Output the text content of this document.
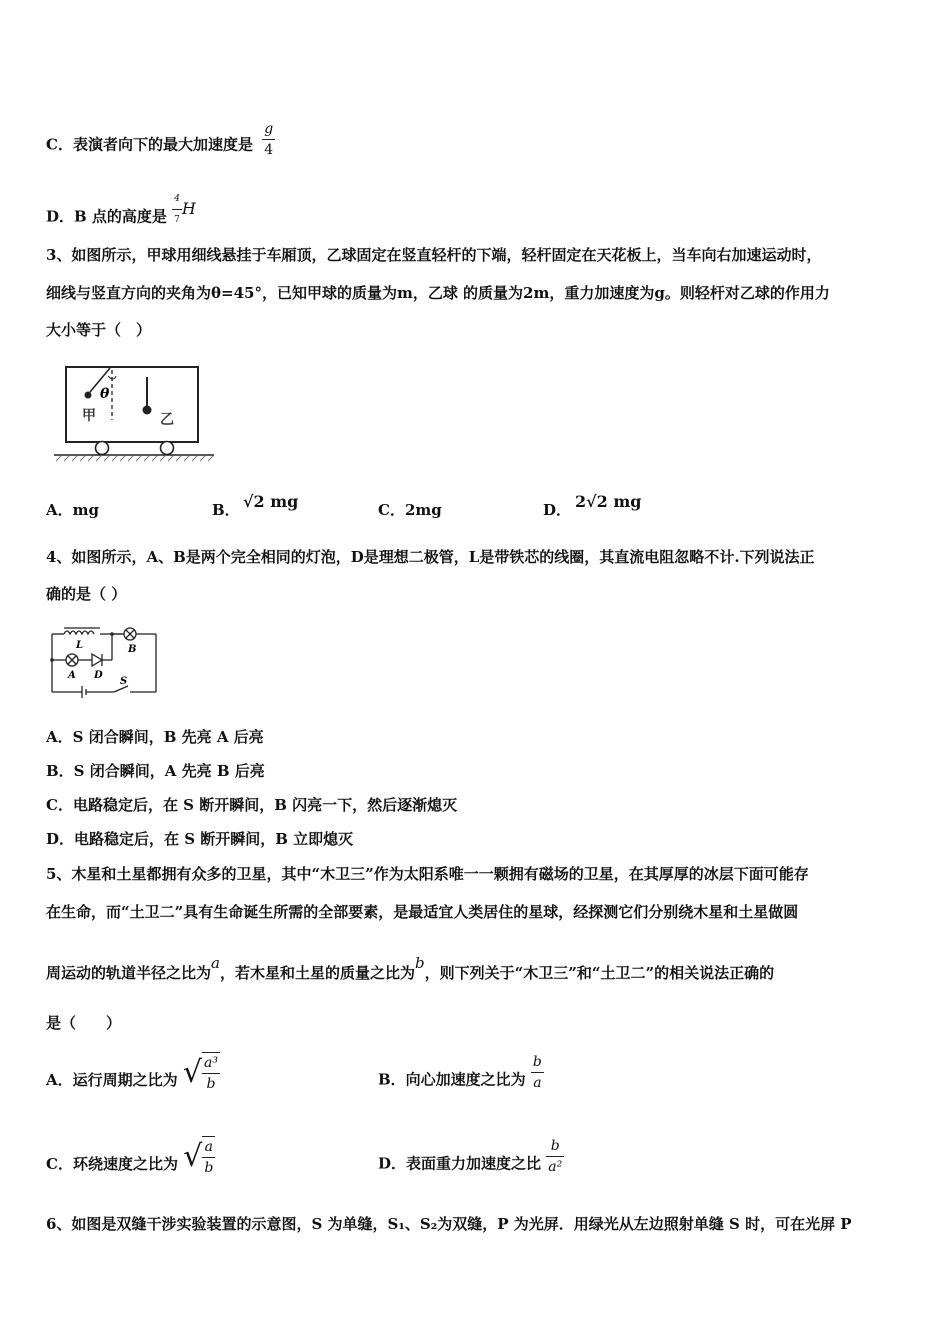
C．表演者向下的最大加速度是 $\frac{g}{4}$
D．B 点的高度是 $\frac{4}{7}$ H
3、如图所示，甲球用细线悬挂于车厢顶，乙球固定在竖直轻杆的下端，轻杆固定在天花板上，当车向右加速运动时，
细线与竖直方向的夹角为θ=45°，已知甲球的质量为m，乙球 的质量为2m，重力加速度为g。则轻杆对乙球的作用力
大小等于（　）
θ
甲	乙
A．mg	B． √2 mg	C．2mg	D． 2√2 mg
4、如图所示，A、B是两个完全相同的灯泡，D是理想二极管，L是带铁芯的线圈，其直流电阻忽略不计.下列说法正
确的是（ ）
L
A D
B
S
A．S 闭合瞬间，B 先亮 A 后亮
B．S 闭合瞬间，A 先亮 B 后亮
C．电路稳定后，在 S 断开瞬间，B 闪亮一下，然后逐渐熄灭
D．电路稳定后，在 S 断开瞬间，B 立即熄灭
5、木星和土星都拥有众多的卫星，其中“木卫三”作为太阳系唯一一颗拥有磁场的卫星，在其厚厚的冰层下面可能存
在生命，而“土卫二”具有生命诞生所需的全部要素，是最适宜人类居住的星球，经探测它们分别绕木星和土星做圆
周运动的轨道半径之比为a，若木星和土星的质量之比为b，则下列关于“木卫三”和“土卫二”的相关说法正确的
是（　　）
A．运行周期之比为 √ $\frac{\text{a³}}{b}$	B．向心加速度之比为 $\frac{b}{a}$
C．环绕速度之比为 √ $\frac{a}{b}$	D．表面重力加速度之比 $\frac{b}{\text{a²}}$
6、如图是双缝干涉实验装置的示意图，S 为单缝，S₁、S₂为双缝，P 为光屏．用绿光从左边照射单缝 S 时，可在光屏 P
